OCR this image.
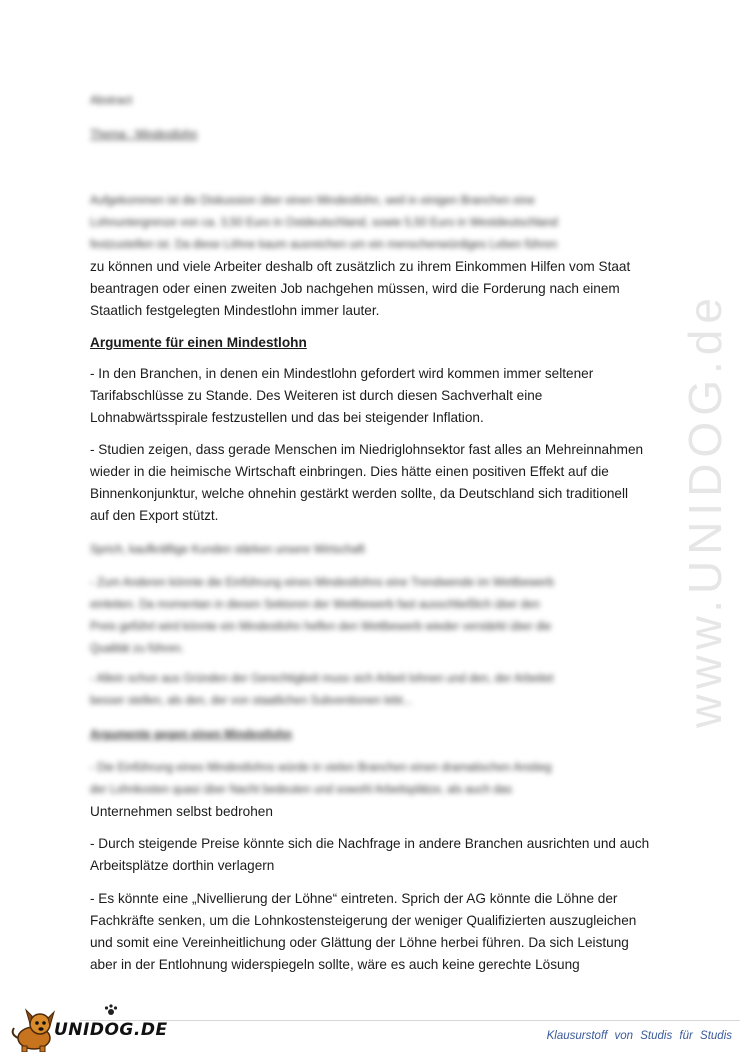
www.UNIDOG.de

Abstract

Thema : Mindestlohn

Aufgekommen ist die Diskussion über einen Mindestlohn, weil in einigen Branchen eine

Lohnuntergrenze von ca. 3,50 Euro in Ostdeutschland, sowie 5,50 Euro in Westdeutschland

festzustellen ist. Da diese Löhne kaum ausreichen um ein menschenwürdiges Leben führen

zu können und viele Arbeiter deshalb oft zusätzlich zu ihrem Einkommen Hilfen vom Staat

beantragen oder einen zweiten Job nachgehen müssen, wird die Forderung nach einem

Staatlich festgelegten Mindestlohn immer lauter.

Argumente für einen Mindestlohn

- In den Branchen, in denen ein Mindestlohn gefordert wird kommen immer seltener

Tarifabschlüsse zu Stande. Des Weiteren ist durch diesen Sachverhalt eine

Lohnabwärtsspirale festzustellen und das bei steigender Inflation.

- Studien zeigen, dass gerade Menschen im Niedriglohnsektor fast alles an Mehreinnahmen

wieder in die heimische Wirtschaft einbringen. Dies hätte einen positiven Effekt auf die

Binnenkonjunktur, welche ohnehin gestärkt werden sollte, da Deutschland sich traditionell

auf den Export stützt.

Sprich, kaufkräftige Kunden stärken unsere Wirtschaft

- Zum Anderen könnte die Einführung eines Mindestlohns eine Trendwende im Wettbewerb

einleiten. Da momentan in diesen Sektoren der Wettbewerb fast ausschließlich über den

Preis geführt wird könnte ein Mindestlohn helfen den Wettbewerb wieder verstärkt über die

Qualität zu führen.

- Allein schon aus Gründen der Gerechtigkeit muss sich Arbeit lohnen und den, der Arbeitet

besser stellen, als den, der von staatlichen Subventionen lebt...

Argumente gegen einen Mindestlohn

- Die Einführung eines Mindestlohns würde in vielen Branchen einen dramatischen Anstieg

der Lohnkosten quasi über Nacht bedeuten und sowohl Arbeitsplätze, als auch das

Unternehmen selbst bedrohen

- Durch steigende Preise könnte sich die Nachfrage in andere Branchen ausrichten und auch

Arbeitsplätze dorthin verlagern

- Es könnte eine „Nivellierung der Löhne“ eintreten. Sprich der AG könnte die Löhne der

Fachkräfte senken, um die Lohnkostensteigerung der weniger Qualifizierten auszugleichen

und somit eine Vereinheitlichung oder Glättung der Löhne herbei führen. Da sich Leistung

aber in der Entlohnung widerspiegeln sollte, wäre es auch keine gerechte Lösung

UNIDOG.DE	Klausurstoff von Studis für Studis
